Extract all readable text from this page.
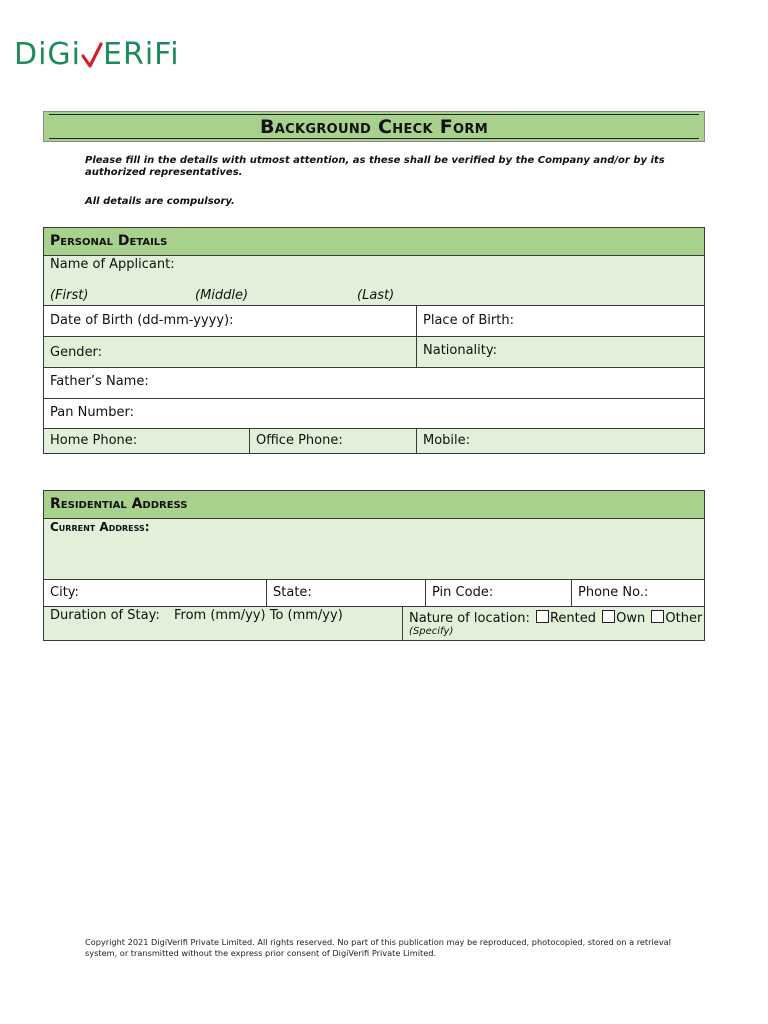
DiGi ERiFi
Background Check Form
Please fill in the details with utmost attention, as these shall be verified by the Company and/or by its authorized representatives.
All details are compulsory.
Personal Details
Name of Applicant:
(First)	(Middle)	(Last)
Date of Birth (dd-mm-yyyy):	Place of Birth:
Gender:	Nationality:
Father’s Name:
Pan Number:
Home Phone:	Office Phone:	Mobile:
Residential Address
Current Address:
City:	State:	Pin Code:	Phone No.:
Duration of Stay: From (mm/yy) To (mm/yy)	Nature of location: Rented Own Other
(Specify)
Copyright 2021 DigiVerifi Private Limited. All rights reserved. No part of this publication may be reproduced, photocopied, stored on a retrieval system, or transmitted without the express prior consent of DigiVerifi Private Limited.
